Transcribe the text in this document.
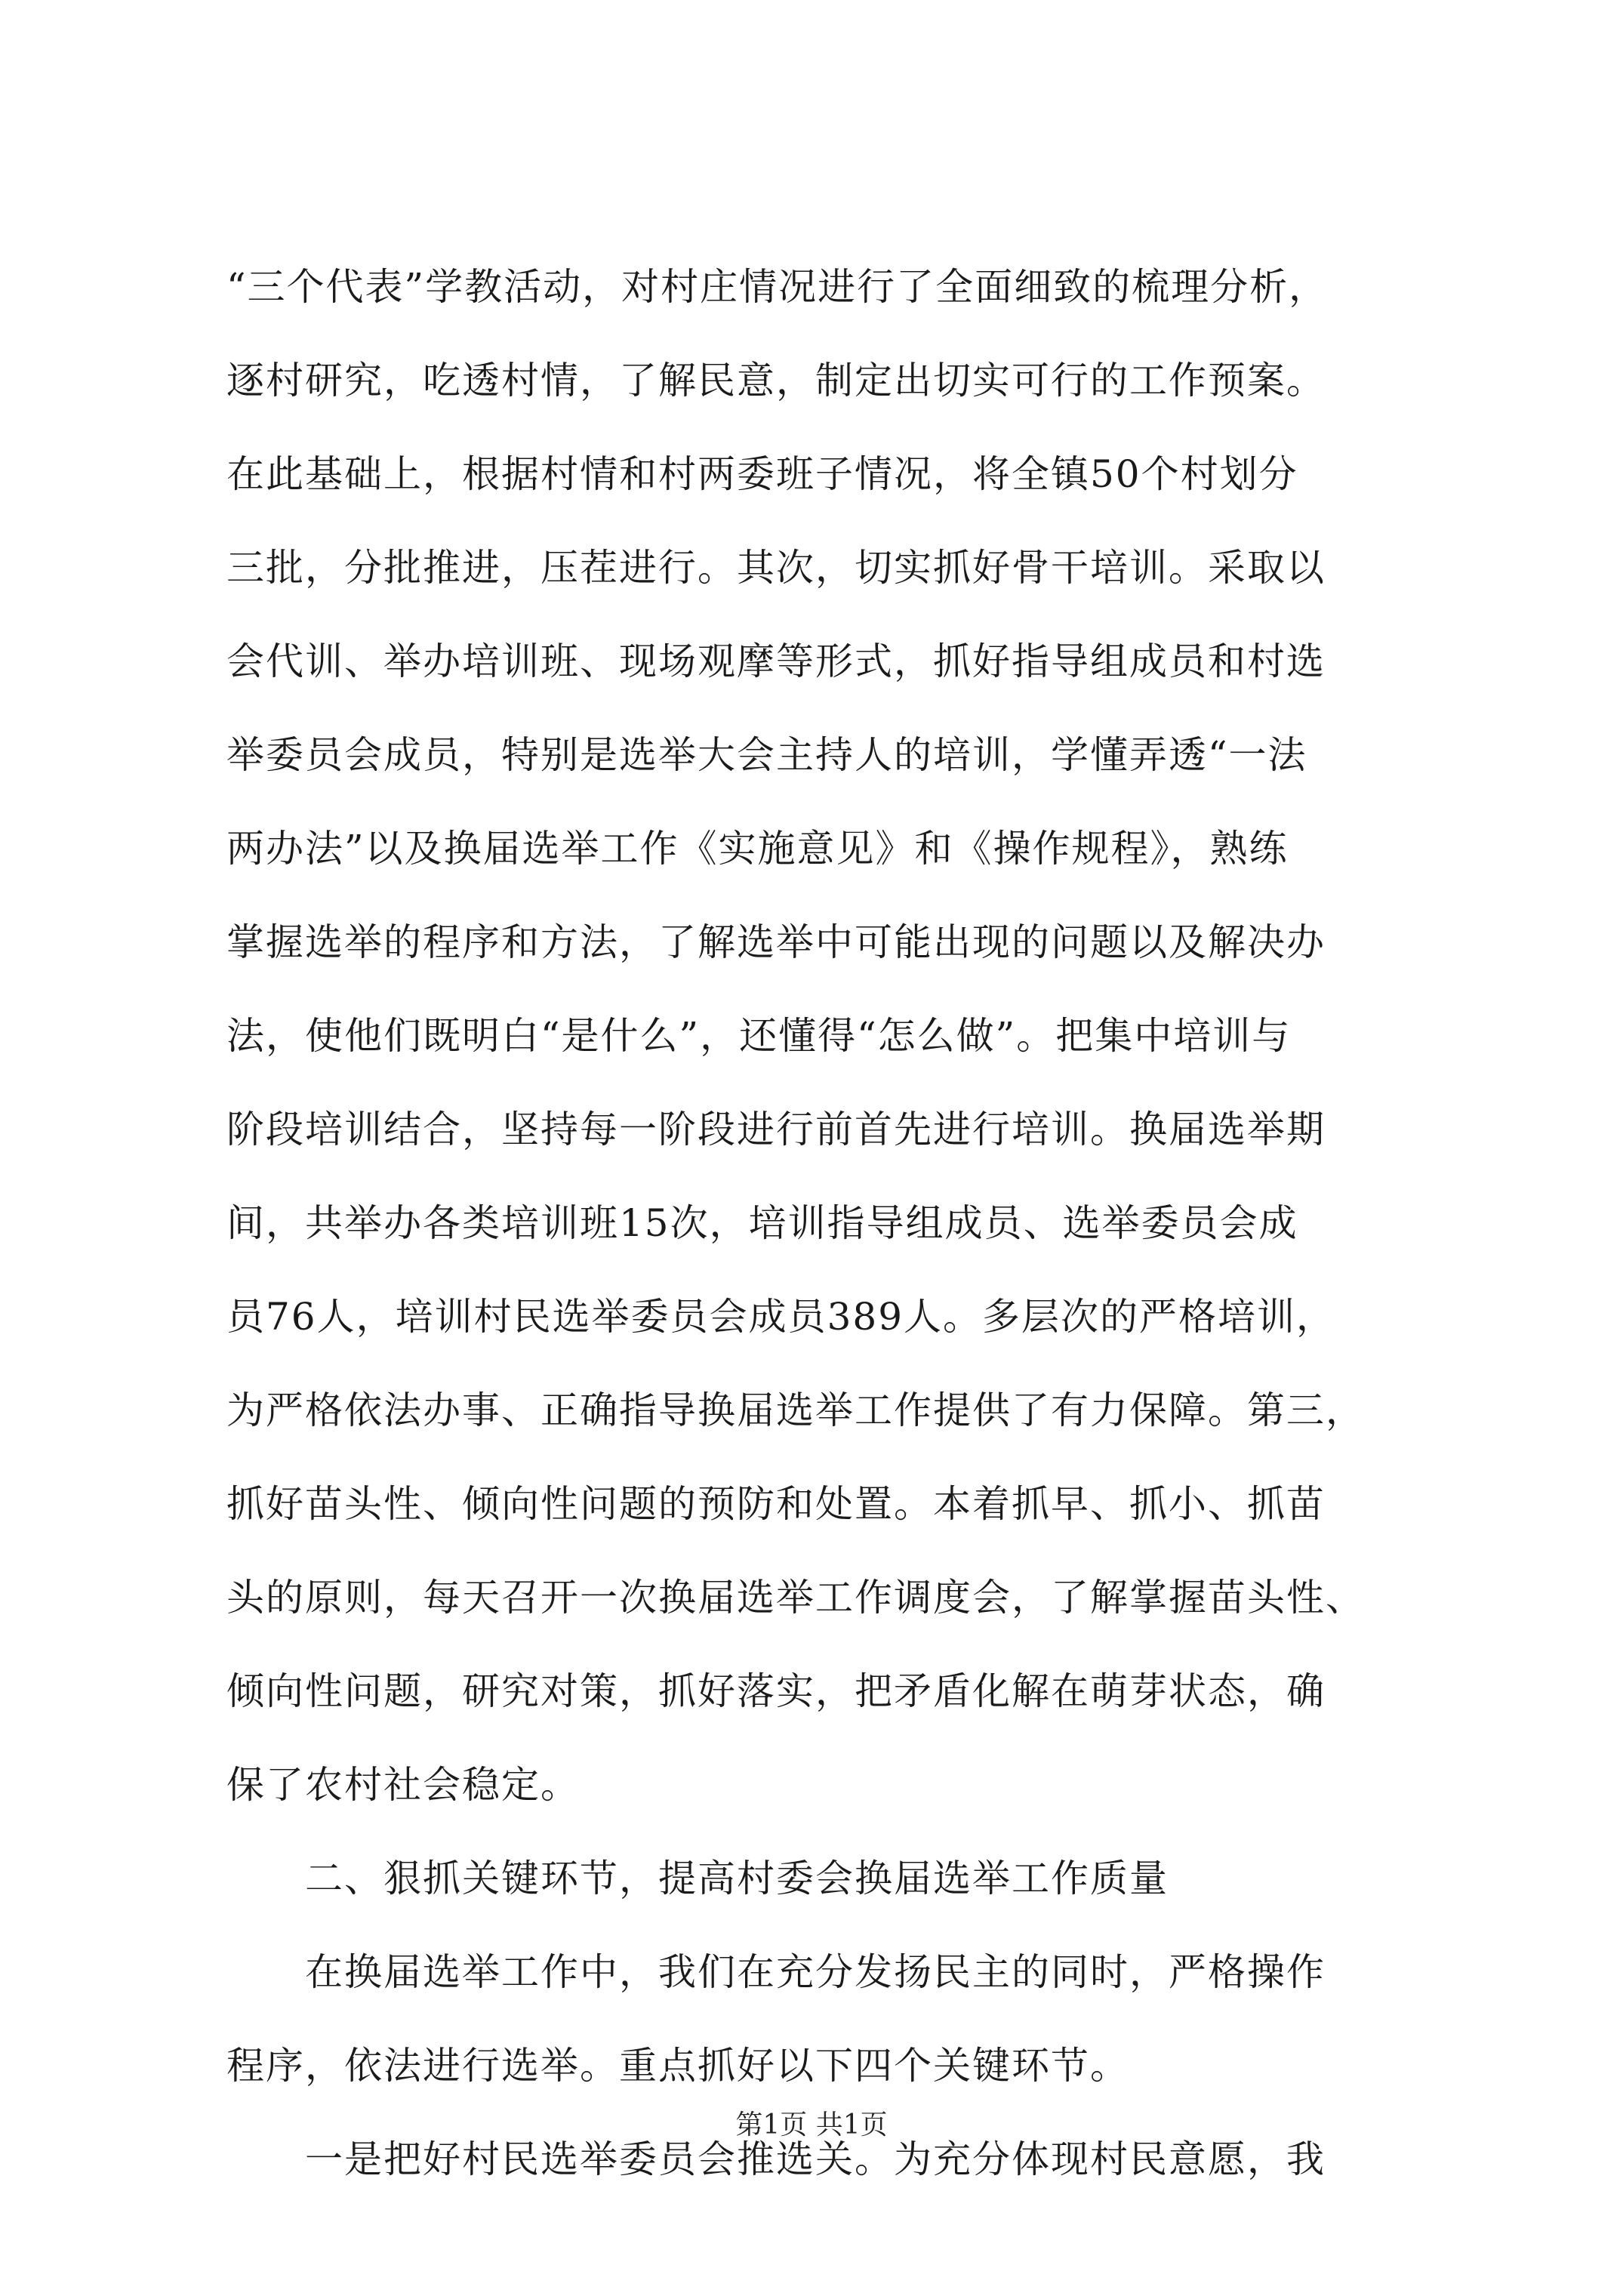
“三个代表”学教活动，对村庄情况进行了全面细致的梳理分析，
逐村研究，吃透村情，了解民意，制定出切实可行的工作预案。
在此基础上，根据村情和村两委班子情况，将全镇50个村划分
三批，分批推进，压茬进行。其次，切实抓好骨干培训。采取以
会代训、举办培训班、现场观摩等形式，抓好指导组成员和村选
举委员会成员，特别是选举大会主持人的培训，学懂弄透“一法
两办法”以及换届选举工作《实施意见》和《操作规程》，熟练
掌握选举的程序和方法，了解选举中可能出现的问题以及解决办
法，使他们既明白“是什么”，还懂得“怎么做”。把集中培训与
阶段培训结合，坚持每一阶段进行前首先进行培训。换届选举期
间，共举办各类培训班15次，培训指导组成员、选举委员会成
员76人，培训村民选举委员会成员389人。多层次的严格培训，
为严格依法办事、正确指导换届选举工作提供了有力保障。第三，
抓好苗头性、倾向性问题的预防和处置。本着抓早、抓小、抓苗
头的原则，每天召开一次换届选举工作调度会，了解掌握苗头性、
倾向性问题，研究对策，抓好落实，把矛盾化解在萌芽状态，确
保了农村社会稳定。
二、狠抓关键环节，提高村委会换届选举工作质量
在换届选举工作中，我们在充分发扬民主的同时，严格操作
程序，依法进行选举。重点抓好以下四个关键环节。
一是把好村民选举委员会推选关。为充分体现村民意愿，我
第1页 共1页
